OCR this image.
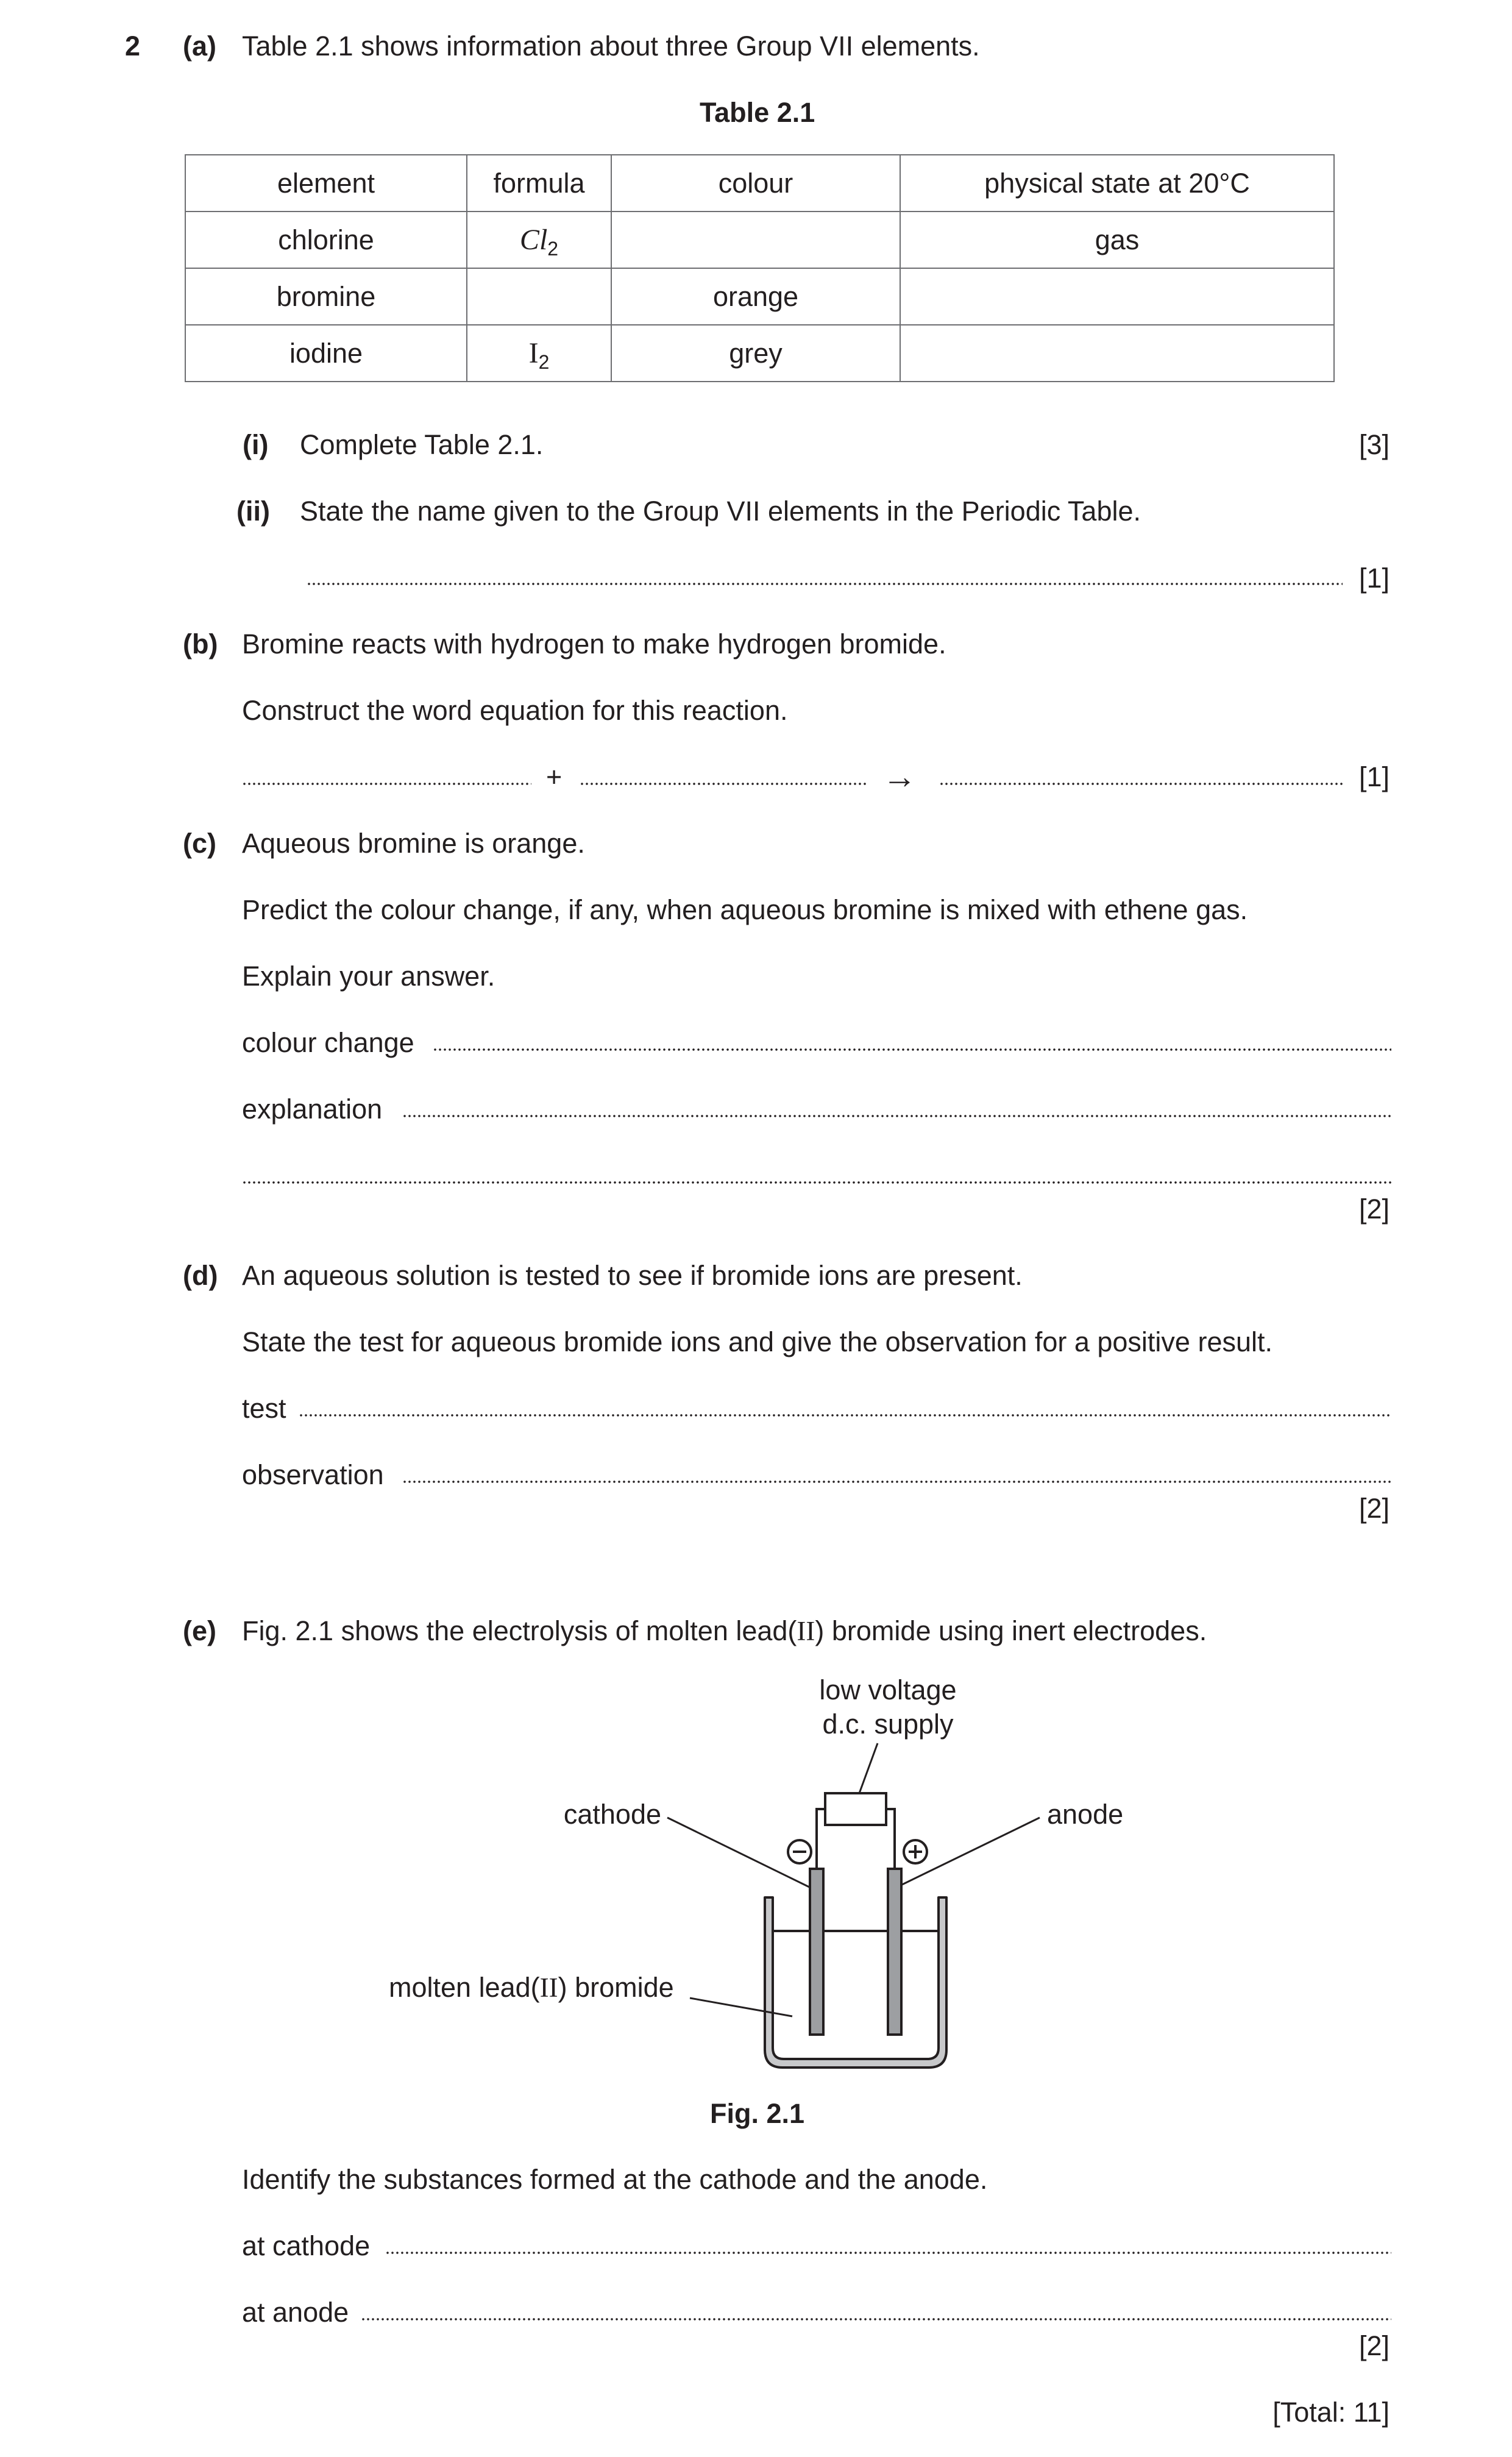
2 (a) Table 2.1 shows information about three Group VII elements.
Table 2.1
element	formula	colour	physical state at 20°C
chlorine	$Cl_2$		gas
bromine		orange	
iodine	$I_2$	grey	
(i) Complete Table 2.1.	[3]
(ii) State the name given to the Group VII elements in the Periodic Table.
[1]
(b) Bromine reacts with hydrogen to make hydrogen bromide.
Construct the word equation for this reaction.
+	→	[1]
(c) Aqueous bromine is orange.
Predict the colour change, if any, when aqueous bromine is mixed with ethene gas.
Explain your answer.
colour change
explanation
[2]
(d) An aqueous solution is tested to see if bromide ions are present.
State the test for aqueous bromide ions and give the observation for a positive result.
test
observation
[2]
(e) Fig. 2.1 shows the electrolysis of molten lead(II) bromide using inert electrodes.
low voltage
d.c. supply
cathode	anode
molten lead(II) bromide
Fig. 2.1
Identify the substances formed at the cathode and the anode.
at cathode
at anode
[2]
[Total: 11]
